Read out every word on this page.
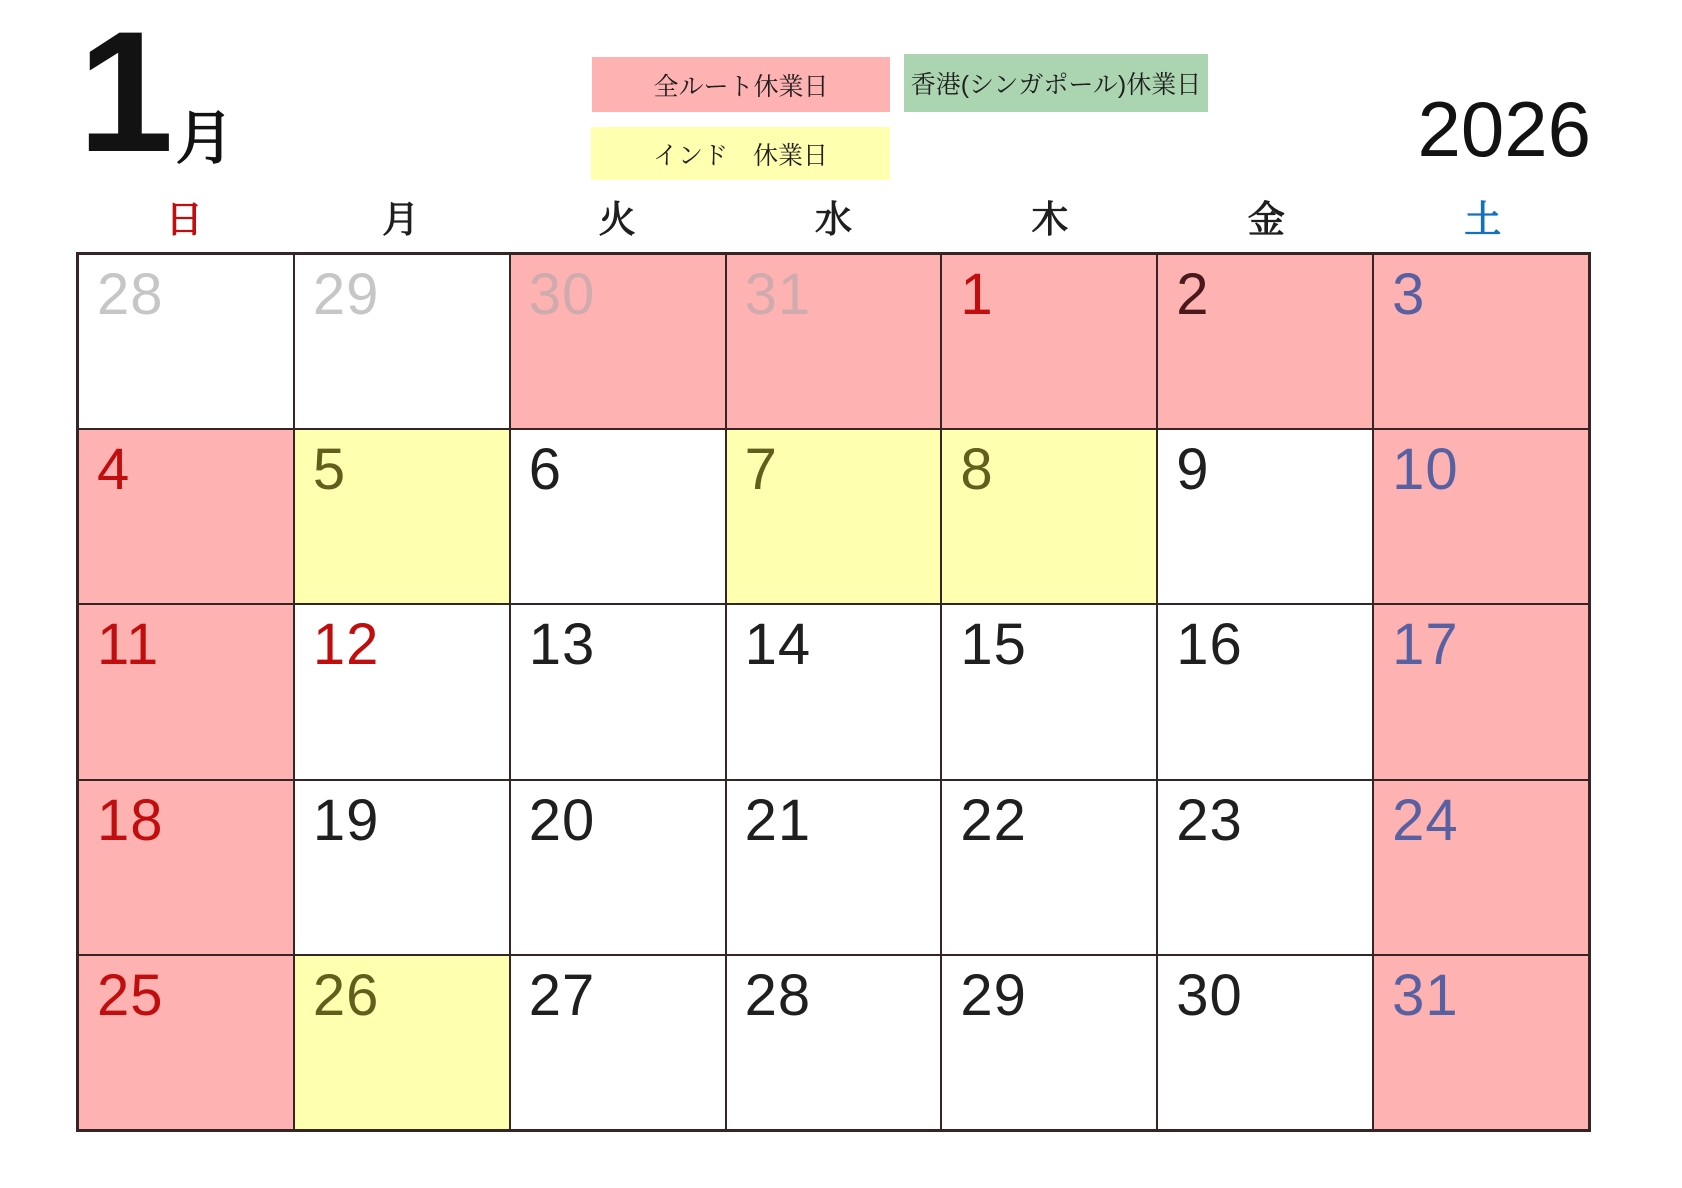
1 月	2026
全ルート休業日	香港(シンガポール)休業日
インド　休業日
日	月	火	水	木	金	土
28	29	30	31	1	2	3
4	5	6	7	8	9	10
11	12	13	14	15	16	17
18	19	20	21	22	23	24
25	26	27	28	29	30	31
